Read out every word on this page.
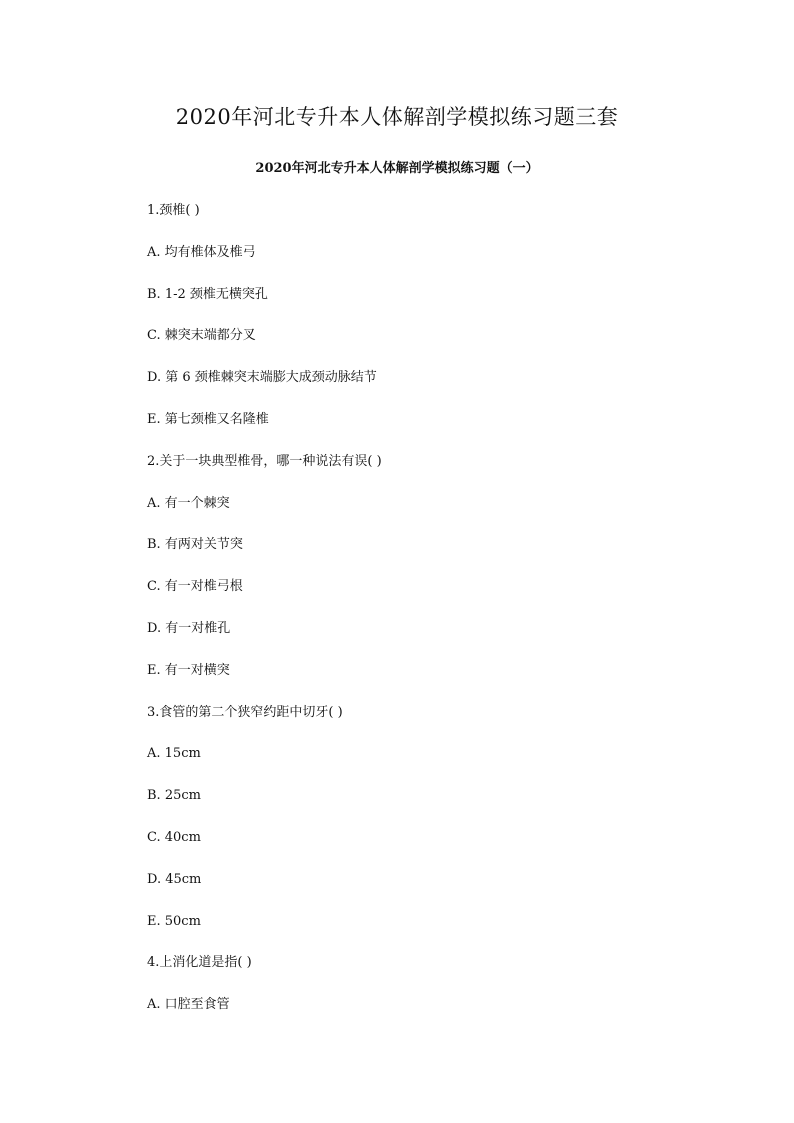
2020年河北专升本人体解剖学模拟练习题三套
2020年河北专升本人体解剖学模拟练习题（一）
1.颈椎( )
A. 均有椎体及椎弓
B. 1-2 颈椎无横突孔
C. 棘突末端都分叉
D. 第 6 颈椎棘突末端膨大成颈动脉结节
E. 第七颈椎又名隆椎
2.关于一块典型椎骨，哪一种说法有误( )
A. 有一个棘突
B. 有两对关节突
C. 有一对椎弓根
D. 有一对椎孔
E. 有一对横突
3.食管的第二个狭窄约距中切牙( )
A. 15cm
B. 25cm
C. 40cm
D. 45cm
E. 50cm
4.上消化道是指( )
A. 口腔至食管
